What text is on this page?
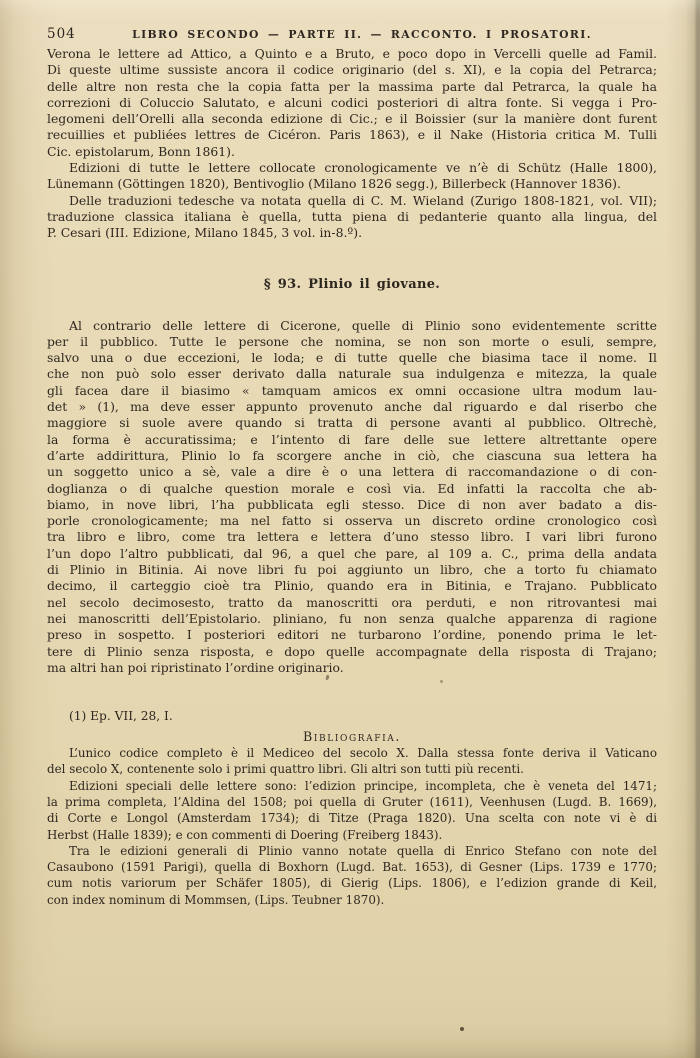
504	LIBRO SECONDO — PARTE II. — RACCONTO. I PROSATORI.
Verona le lettere ad Attico, a Quinto e a Bruto, e poco dopo in Vercelli quelle ad Famil.
Di queste ultime sussiste ancora il codice originario (del s. XI), e la copia del Petrarca;
delle altre non resta che la copia fatta per la massima parte dal Petrarca, la quale ha
correzioni di Coluccio Salutato, e alcuni codici posteriori di altra fonte. Si vegga i Pro-
legomeni dell’Orelli alla seconda edizione di Cic.; e il Boissier (sur la manière dont furent
recuillies et publiées lettres de Cicéron. Paris 1863), e il Nake (Historia critica M. Tulli
Cic. epistolarum, Bonn 1861).
Edizioni di tutte le lettere collocate cronologicamente ve n’è di Schütz (Halle 1800),
Lünemann (Göttingen 1820), Bentivoglio (Milano 1826 segg.), Billerbeck (Hannover 1836).
Delle traduzioni tedesche va notata quella di C. M. Wieland (Zurigo 1808-1821, vol. VII);
traduzione classica italiana è quella, tutta piena di pedanterie quanto alla lingua, del
P. Cesari (III. Edizione, Milano 1845, 3 vol. in-8.º).
§ 93. Plinio il giovane.
Al contrario delle lettere di Cicerone, quelle di Plinio sono evidentemente scritte
per il pubblico. Tutte le persone che nomina, se non son morte o esuli, sempre,
salvo una o due eccezioni, le loda; e di tutte quelle che biasima tace il nome. Il
che non può solo esser derivato dalla naturale sua indulgenza e mitezza, la quale
gli facea dare il biasimo « tamquam amicos ex omni occasione ultra modum lau-
det » (1), ma deve esser appunto provenuto anche dal riguardo e dal riserbo che
maggiore si suole avere quando si tratta di persone avanti al pubblico. Oltrechè,
la forma è accuratissima; e l’intento di fare delle sue lettere altrettante opere
d’arte addirittura, Plinio lo fa scorgere anche in ciò, che ciascuna sua lettera ha
un soggetto unico a sè, vale a dire è o una lettera di raccomandazione o di con-
doglianza o di qualche question morale e così via. Ed infatti la raccolta che ab-
biamo, in nove libri, l’ha pubblicata egli stesso. Dice di non aver badato a dis-
porle cronologicamente; ma nel fatto si osserva un discreto ordine cronologico così
tra libro e libro, come tra lettera e lettera d’uno stesso libro. I vari libri furono
l’un dopo l’altro pubblicati, dal 96, a quel che pare, al 109 a. C., prima della andata
di Plinio in Bitinia. Ai nove libri fu poi aggiunto un libro, che a torto fu chiamato
decimo, il carteggio cioè tra Plinio, quando era in Bitinia, e Trajano. Pubblicato
nel secolo decimosesto, tratto da manoscritti ora perduti, e non ritrovantesi mai
nei manoscritti dell’Epistolario. pliniano, fu non senza qualche apparenza di ragione
preso in sospetto. I posteriori editori ne turbarono l’ordine, ponendo prima le let-
tere di Plinio senza risposta, e dopo quelle accompagnate della risposta di Trajano;
ma altri han poi ripristinato l’ordine originario.
(1) Ep. VII, 28, I.
Bibliografia.
L’unico codice completo è il Mediceo del secolo X. Dalla stessa fonte deriva il Vaticano
del secolo X, contenente solo i primi quattro libri. Gli altri son tutti più recenti.
Edizioni speciali delle lettere sono: l’edizion principe, incompleta, che è veneta del 1471;
la prima completa, l’Aldina del 1508; poi quella di Gruter (1611), Veenhusen (Lugd. B. 1669),
di Corte e Longol (Amsterdam 1734); di Titze (Praga 1820). Una scelta con note vi è di
Herbst (Halle 1839); e con commenti di Doering (Freiberg 1843).
Tra le edizioni generali di Plinio vanno notate quella di Enrico Stefano con note del
Casaubono (1591 Parigi), quella di Boxhorn (Lugd. Bat. 1653), di Gesner (Lips. 1739 e 1770;
cum notis variorum per Schäfer 1805), di Gierig (Lips. 1806), e l’edizion grande di Keil,
con index nominum di Mommsen, (Lips. Teubner 1870).
